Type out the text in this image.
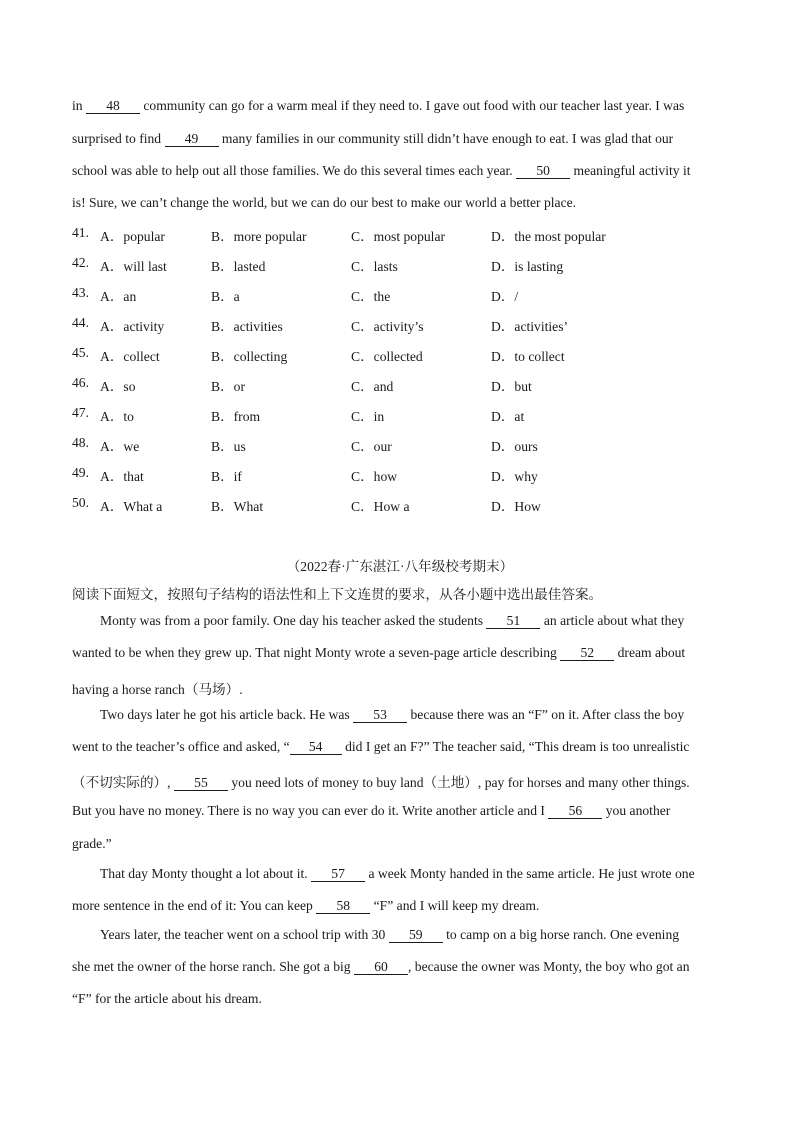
in 48 community can go for a warm meal if they need to. I gave out food with our teacher last year. I was
surprised to find 49 many families in our community still didn’t have enough to eat. I was glad that our
school was able to help out all those families. We do this several times each year. 50 meaningful activity it
is! Sure, we can’t change the world, but we can do our best to make our world a better place.
41. A．popular	B．more popular	C．most popular	D．the most popular
42. A．will last	B．lasted	C．lasts	D．is lasting
43. A．an	B．a	C．the	D．/
44. A．activity	B．activities	C．activity’s	D．activities’
45. A．collect	B．collecting	C．collected	D．to collect
46. A．so	B．or	C．and	D．but
47. A．to	B．from	C．in	D．at
48. A．we	B．us	C．our	D．ours
49. A．that	B．if	C．how	D．why
50. A．What a	B．What	C．How a	D．How
（2022春·广东湛江·八年级校考期末）
阅读下面短文，按照句子结构的语法性和上下文连贯的要求，从各小题中选出最佳答案。
Monty was from a poor family. One day his teacher asked the students 51 an article about what they
wanted to be when they grew up. That night Monty wrote a seven-page article describing 52 dream about
having a horse ranch（马场）.
Two days later he got his article back. He was 53 because there was an “F” on it. After class the boy
went to the teacher’s office and asked, “ 54 did I get an F?” The teacher said, “This dream is too unrealistic
（不切实际的）, 55 you need lots of money to buy land（土地）, pay for horses and many other things.
But you have no money. There is no way you can ever do it. Write another article and I 56 you another
grade.”
That day Monty thought a lot about it. 57 a week Monty handed in the same article. He just wrote one
more sentence in the end of it: You can keep 58 “F” and I will keep my dream.
Years later, the teacher went on a school trip with 30 59 to camp on a big horse ranch. One evening
she met the owner of the horse ranch. She got a big 60 , because the owner was Monty, the boy who got an
“F” for the article about his dream.
